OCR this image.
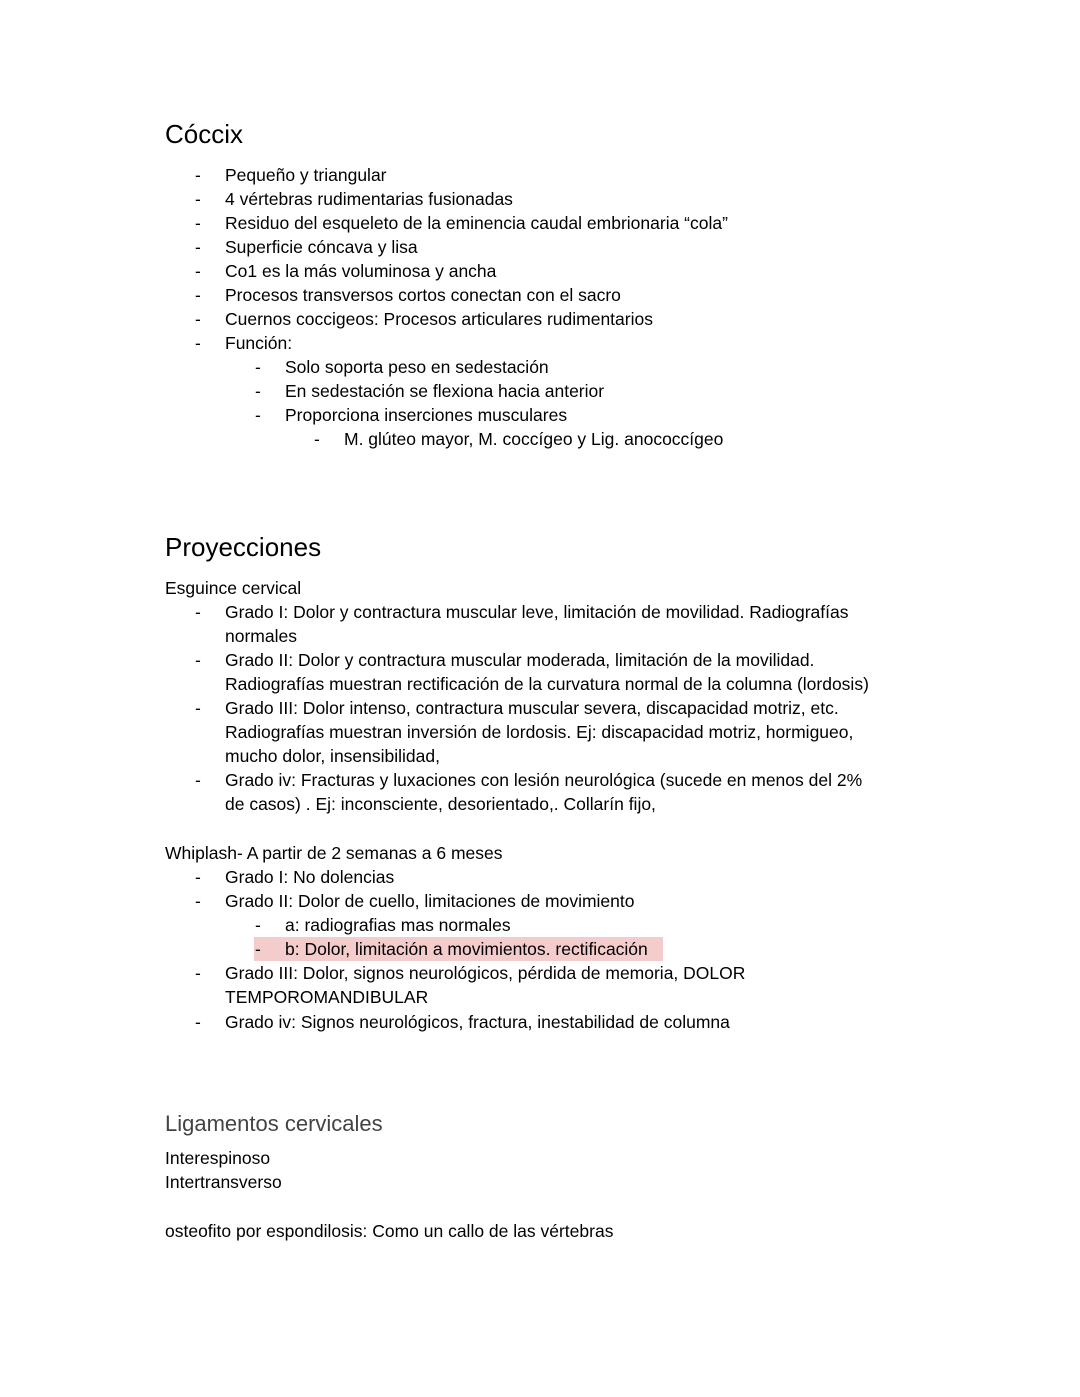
Cóccix
- Pequeño y triangular
- 4 vértebras rudimentarias fusionadas
- Residuo del esqueleto de la eminencia caudal embrionaria “cola”
- Superficie cóncava y lisa
- Co1 es la más voluminosa y ancha
- Procesos transversos cortos conectan con el sacro
- Cuernos coccigeos: Procesos articulares rudimentarios
- Función:
- Solo soporta peso en sedestación
- En sedestación se flexiona hacia anterior
- Proporciona inserciones musculares
- M. glúteo mayor, M. coccígeo y Lig. anococcígeo
Proyecciones
Esguince cervical
- Grado I: Dolor y contractura muscular leve, limitación de movilidad. Radiografías
normales
- Grado II: Dolor y contractura muscular moderada, limitación de la movilidad.
Radiografías muestran rectificación de la curvatura normal de la columna (lordosis)
- Grado III: Dolor intenso, contractura muscular severa, discapacidad motriz, etc.
Radiografías muestran inversión de lordosis. Ej: discapacidad motriz, hormigueo,
mucho dolor, insensibilidad,
- Grado iv: Fracturas y luxaciones con lesión neurológica (sucede en menos del 2%
de casos) . Ej: inconsciente, desorientado,. Collarín fijo,
Whiplash- A partir de 2 semanas a 6 meses
- Grado I: No dolencias
- Grado II: Dolor de cuello, limitaciones de movimiento
- a: radiografias mas normales
- b: Dolor, limitación a movimientos. rectificación
- Grado III: Dolor, signos neurológicos, pérdida de memoria, DOLOR
TEMPOROMANDIBULAR
- Grado iv: Signos neurológicos, fractura, inestabilidad de columna
Ligamentos cervicales
Interespinoso
Intertransverso
osteofito por espondilosis: Como un callo de las vértebras
